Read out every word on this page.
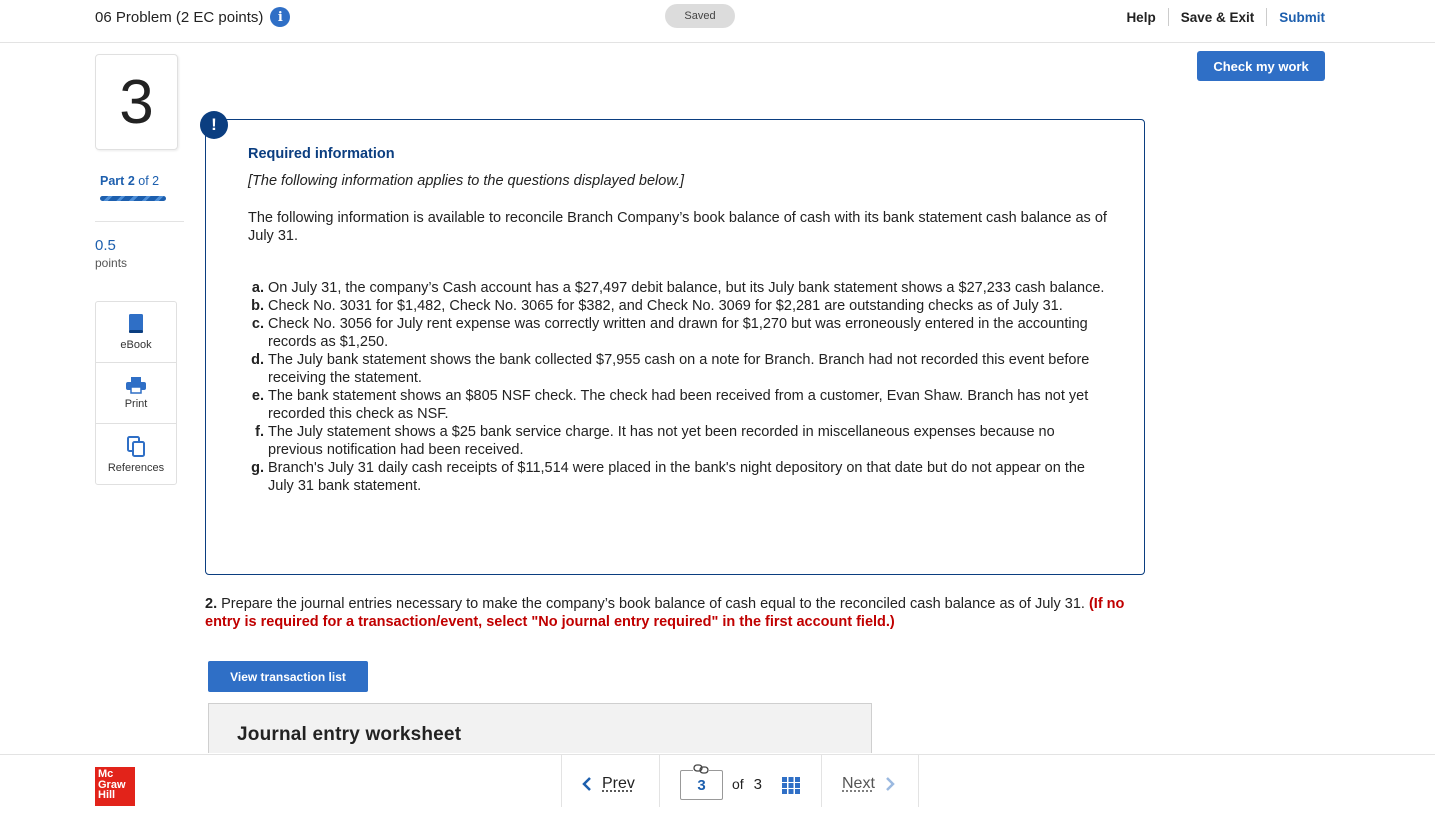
06 Problem (2 EC points)	i	Saved	Help	Save & Exit	Submit
3
Part 2 of 2
0.5
points
eBook
Print
References
Check my work
!
Required information
[The following information applies to the questions displayed below.]
The following information is available to reconcile Branch Company’s book balance of cash with its bank statement cash balance as of July 31.
a. On July 31, the company’s Cash account has a $27,497 debit balance, but its July bank statement shows a $27,233 cash balance.
b. Check No. 3031 for $1,482, Check No. 3065 for $382, and Check No. 3069 for $2,281 are outstanding checks as of July 31.
c. Check No. 3056 for July rent expense was correctly written and drawn for $1,270 but was erroneously entered in the accounting records as $1,250.
d. The July bank statement shows the bank collected $7,955 cash on a note for Branch. Branch had not recorded this event before receiving the statement.
e. The bank statement shows an $805 NSF check. The check had been received from a customer, Evan Shaw. Branch has not yet recorded this check as NSF.
f. The July statement shows a $25 bank service charge. It has not yet been recorded in miscellaneous expenses because no previous notification had been received.
g. Branch's July 31 daily cash receipts of $11,514 were placed in the bank's night depository on that date but do not appear on the July 31 bank statement.
2. Prepare the journal entries necessary to make the company’s book balance of cash equal to the reconciled cash balance as of July 31. (If no entry is required for a transaction/event, select "No journal entry required" in the first account field.)
View transaction list
Journal entry worksheet
Mc
Graw
Hill
Prev	3	of 3	Next
